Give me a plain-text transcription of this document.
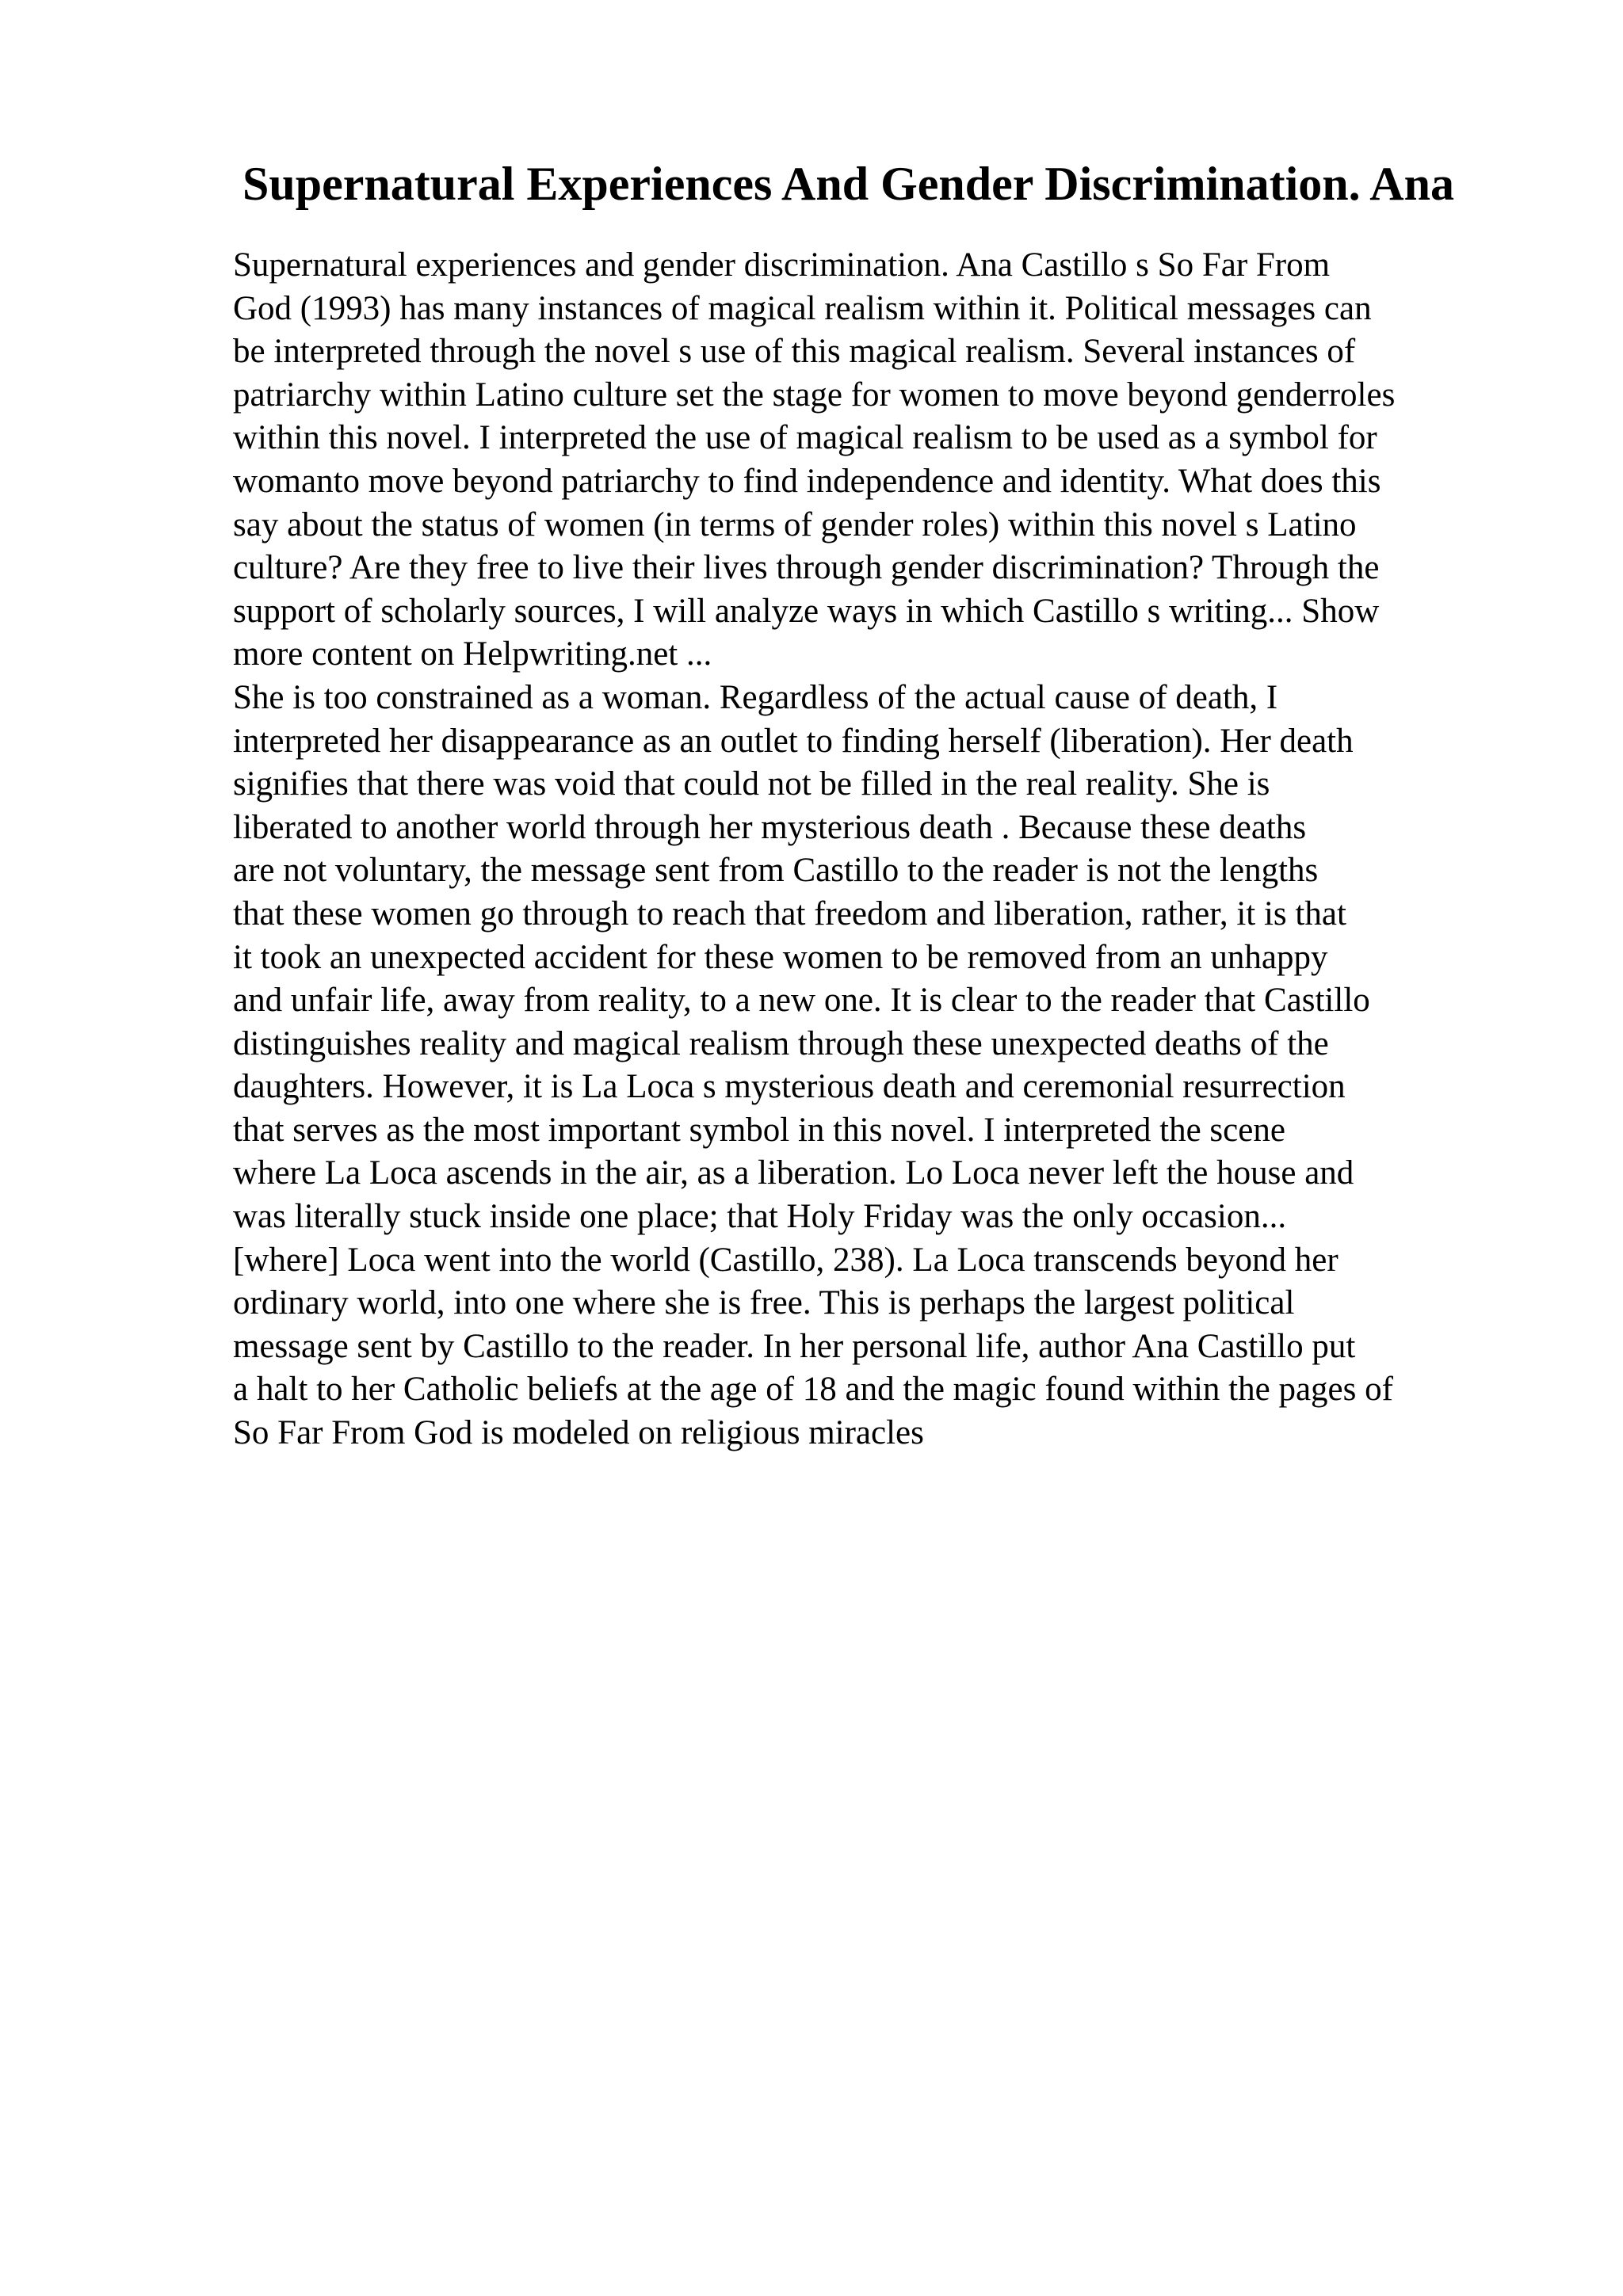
Supernatural Experiences And Gender Discrimination. Ana
Supernatural experiences and gender discrimination. Ana Castillo s So Far From
God (1993) has many instances of magical realism within it. Political messages can
be interpreted through the novel s use of this magical realism. Several instances of
patriarchy within Latino culture set the stage for women to move beyond genderroles
within this novel. I interpreted the use of magical realism to be used as a symbol for
womanto move beyond patriarchy to find independence and identity. What does this
say about the status of women (in terms of gender roles) within this novel s Latino
culture? Are they free to live their lives through gender discrimination? Through the
support of scholarly sources, I will analyze ways in which Castillo s writing... Show
more content on Helpwriting.net ...
She is too constrained as a woman. Regardless of the actual cause of death, I
interpreted her disappearance as an outlet to finding herself (liberation). Her death
signifies that there was void that could not be filled in the real reality. She is
liberated to another world through her mysterious death . Because these deaths
are not voluntary, the message sent from Castillo to the reader is not the lengths
that these women go through to reach that freedom and liberation, rather, it is that
it took an unexpected accident for these women to be removed from an unhappy
and unfair life, away from reality, to a new one. It is clear to the reader that Castillo
distinguishes reality and magical realism through these unexpected deaths of the
daughters. However, it is La Loca s mysterious death and ceremonial resurrection
that serves as the most important symbol in this novel. I interpreted the scene
where La Loca ascends in the air, as a liberation. Lo Loca never left the house and
was literally stuck inside one place; that Holy Friday was the only occasion...
[where] Loca went into the world (Castillo, 238). La Loca transcends beyond her
ordinary world, into one where she is free. This is perhaps the largest political
message sent by Castillo to the reader. In her personal life, author Ana Castillo put
a halt to her Catholic beliefs at the age of 18 and the magic found within the pages of
So Far From God is modeled on religious miracles
